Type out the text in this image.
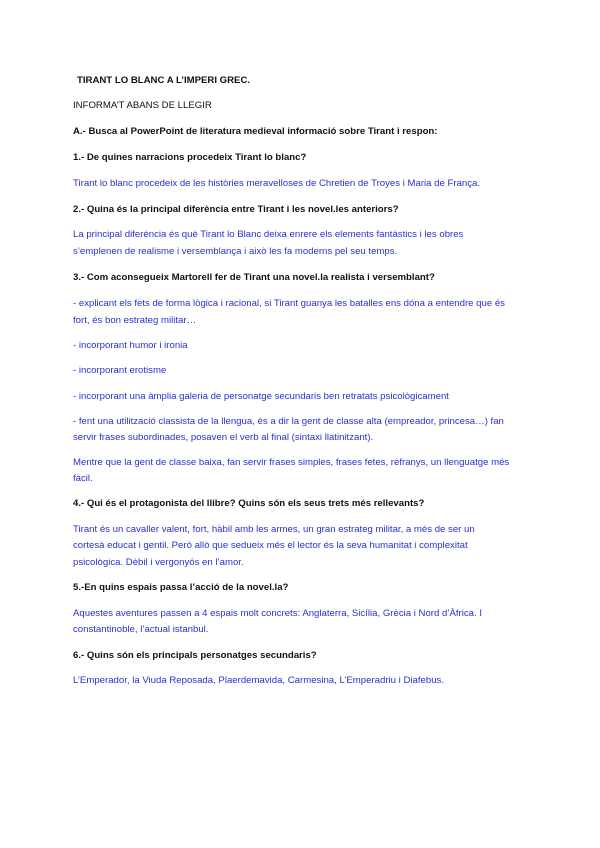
TIRANT LO BLANC A L’IMPERI GREC.
INFORMA’T ABANS DE LLEGIR
A.- Busca al PowerPoint de literatura medieval informació sobre Tirant i respon:
1.- De quines narracions procedeix Tirant lo blanc?
Tirant lo blanc procedeix de les històries meravelloses de Chretien de Troyes i Maria de França.
2.- Quina és la principal diferència entre Tirant i les novel.les anteriors?
La principal diferència és què Tirant lo Blanc deixa enrere els elements fantàstics i les obres
s’emplenen de realisme i versemblança i això les fa moderns pel seu temps.
3.- Com aconsegueix Martorell fer de Tirant una novel.la realista i versemblant?
- explicant els fets de forma lògica i racional, si Tirant guanya les batalles ens dóna a entendre que és
fort, és bon estrateg militar…
- incorporant humor i ironia
- incorporant erotisme
- incorporant una àmplia galeria de personatge secundaris ben retratats psicològicament
- fent una utilització classista de la llengua, és a dir la gent de classe alta (empreador, princesa…) fan
servir frases subordinades, posaven el verb al final (sintaxi llatinitzant).
Mentre que la gent de classe baixa, fan servir frases simples, frases fetes, refranys, un llenguatge més
fàcil.
4.- Qui és el protagonista del llibre? Quins són els seus trets més rellevants?
Tirant és un cavaller valent, fort, hàbil amb les armes, un gran estrateg militar, a més de ser un
cortesà educat i gentil. Però allò que sedueix més el lector és la seva humanitat i complexitat
psicològica. Dèbil i vergonyós en l’amor.
5.-En quins espais passa l’acció de la novel.la?
Aquestes aventures passen a 4 espais molt concrets: Anglaterra, Sicília, Grècia i Nord d’Àfrica. I
constantinoble, l’actual istanbul.
6.- Quins són els principals personatges secundaris?
L’Emperador, la Viuda Reposada, Plaerdemavida, Carmesina, L’Emperadriu i Diafebus.
